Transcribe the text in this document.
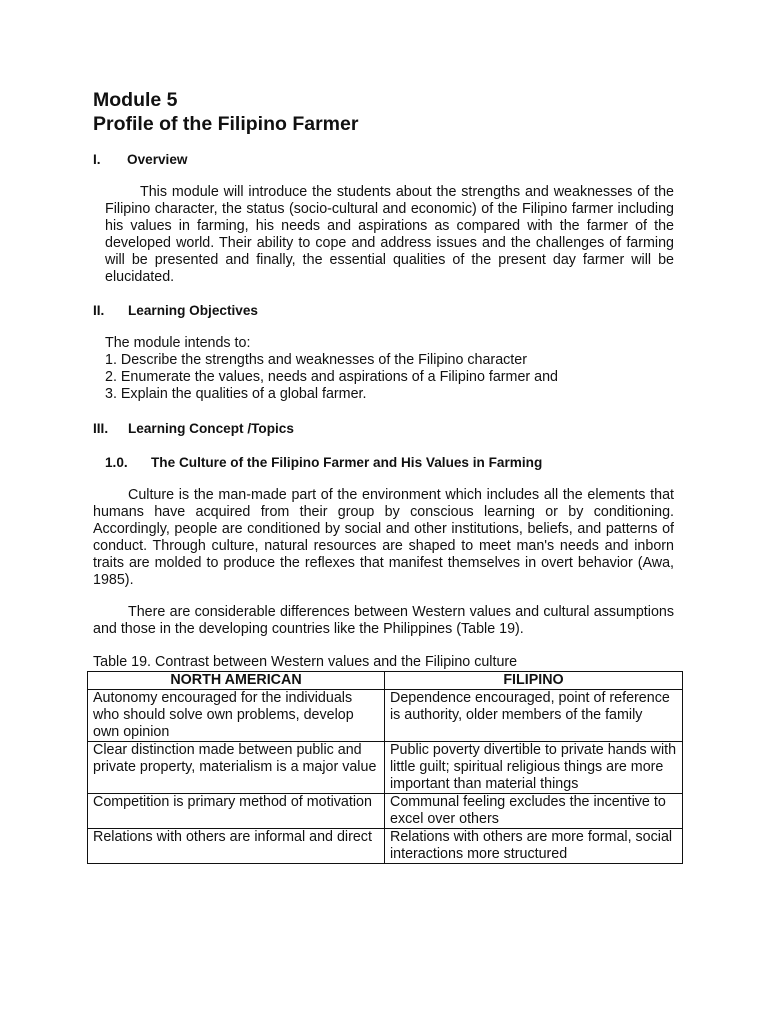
Module 5
Profile of the Filipino Farmer
I. Overview

This module will introduce the students about the strengths and weaknesses of the Filipino character, the status (socio-cultural and economic) of the Filipino farmer including his values in farming, his needs and aspirations as compared with the farmer of the developed world. Their ability to cope and address issues and the challenges of farming will be presented and finally, the essential qualities of the present day farmer will be elucidated.

II. Learning Objectives

The module intends to:

1. Describe the strengths and weaknesses of the Filipino character

2. Enumerate the values, needs and aspirations of a Filipino farmer and

3. Explain the qualities of a global farmer.

III. Learning Concept /Topics
1.0. The Culture of the Filipino Farmer and His Values in Farming

Culture is the man-made part of the environment which includes all the elements that humans have acquired from their group by conscious learning or by conditioning. Accordingly, people are conditioned by social and other institutions, beliefs, and patterns of conduct. Through culture, natural resources are shaped to meet man's needs and inborn traits are molded to produce the reflexes that manifest themselves in overt behavior (Awa, 1985).

There are considerable differences between Western values and cultural assumptions and those in the developing countries like the Philippines (Table 19).

Table 19. Contrast between Western values and the Filipino culture
NORTH AMERICAN	FILIPINO
Autonomy encouraged for the individuals who should solve own problems, develop own opinion	Dependence encouraged, point of reference is authority, older members of the family
Clear distinction made between public and private property, materialism is a major value	Public poverty divertible to private hands with little guilt; spiritual religious things are more important than material things
Competition is primary method of motivation	Communal feeling excludes the incentive to excel over others
Relations with others are informal and direct	Relations with others are more formal, social interactions more structured
